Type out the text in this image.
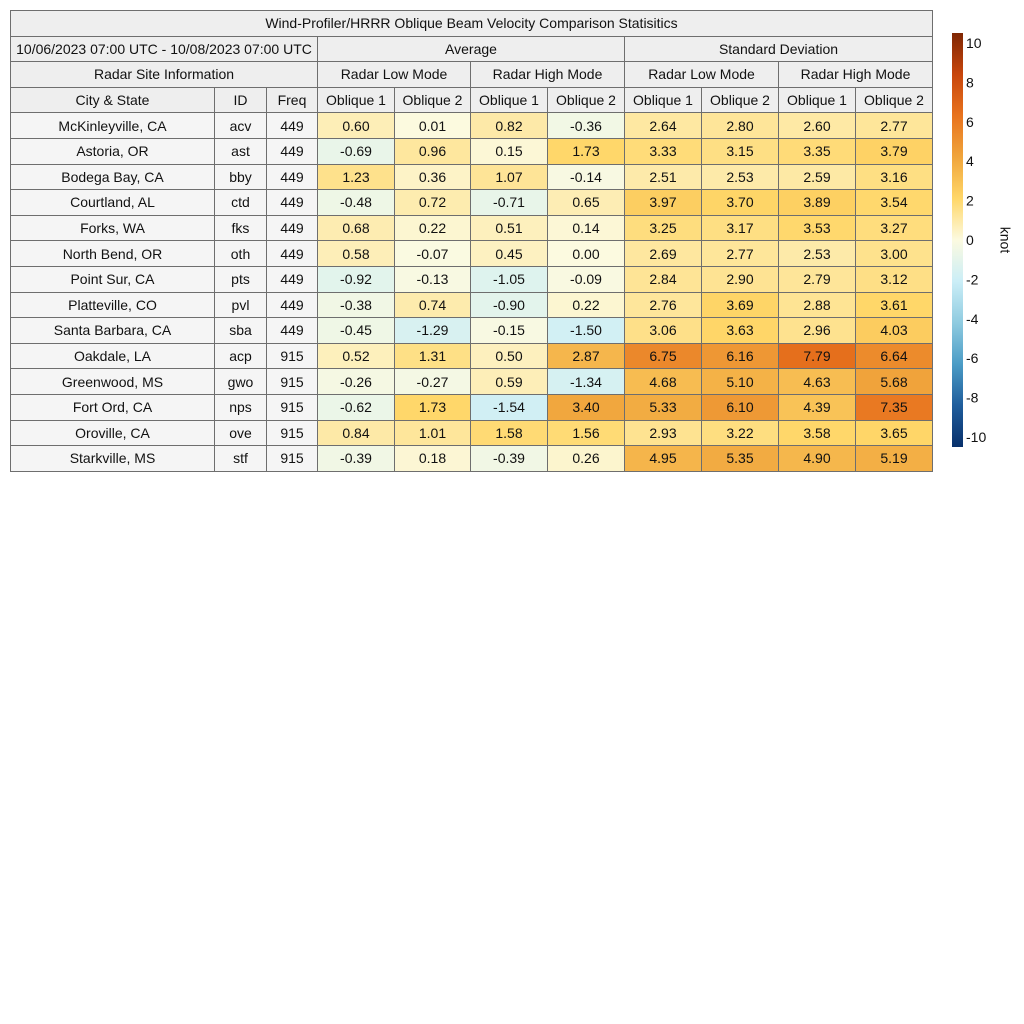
Wind-Profiler/HRRR Oblique Beam Velocity Comparison Statisitics										
10/06/2023 07:00 UTC - 10/08/2023 07:00 UTC			Average				Standard Deviation			
Radar Site Information			Radar Low Mode		Radar High Mode		Radar Low Mode		Radar High Mode	
City & State	ID	Freq	Oblique 1	Oblique 2	Oblique 1	Oblique 2	Oblique 1	Oblique 2	Oblique 1	Oblique 2
McKinleyville, CA	acv	449	0.60	0.01	0.82	-0.36	2.64	2.80	2.60	2.77
Astoria, OR	ast	449	-0.69	0.96	0.15	1.73	3.33	3.15	3.35	3.79
Bodega Bay, CA	bby	449	1.23	0.36	1.07	-0.14	2.51	2.53	2.59	3.16
Courtland, AL	ctd	449	-0.48	0.72	-0.71	0.65	3.97	3.70	3.89	3.54
Forks, WA	fks	449	0.68	0.22	0.51	0.14	3.25	3.17	3.53	3.27
North Bend, OR	oth	449	0.58	-0.07	0.45	0.00	2.69	2.77	2.53	3.00
Point Sur, CA	pts	449	-0.92	-0.13	-1.05	-0.09	2.84	2.90	2.79	3.12
Platteville, CO	pvl	449	-0.38	0.74	-0.90	0.22	2.76	3.69	2.88	3.61
Santa Barbara, CA	sba	449	-0.45	-1.29	-0.15	-1.50	3.06	3.63	2.96	4.03
Oakdale, LA	acp	915	0.52	1.31	0.50	2.87	6.75	6.16	7.79	6.64
Greenwood, MS	gwo	915	-0.26	-0.27	0.59	-1.34	4.68	5.10	4.63	5.68
Fort Ord, CA	nps	915	-0.62	1.73	-1.54	3.40	5.33	6.10	4.39	7.35
Oroville, CA	ove	915	0.84	1.01	1.58	1.56	2.93	3.22	3.58	3.65
Starkville, MS	stf	915	-0.39	0.18	-0.39	0.26	4.95	5.35	4.90	5.19
10
8
6
4
2
0
-2
-4
-6
-8
-10
knot
